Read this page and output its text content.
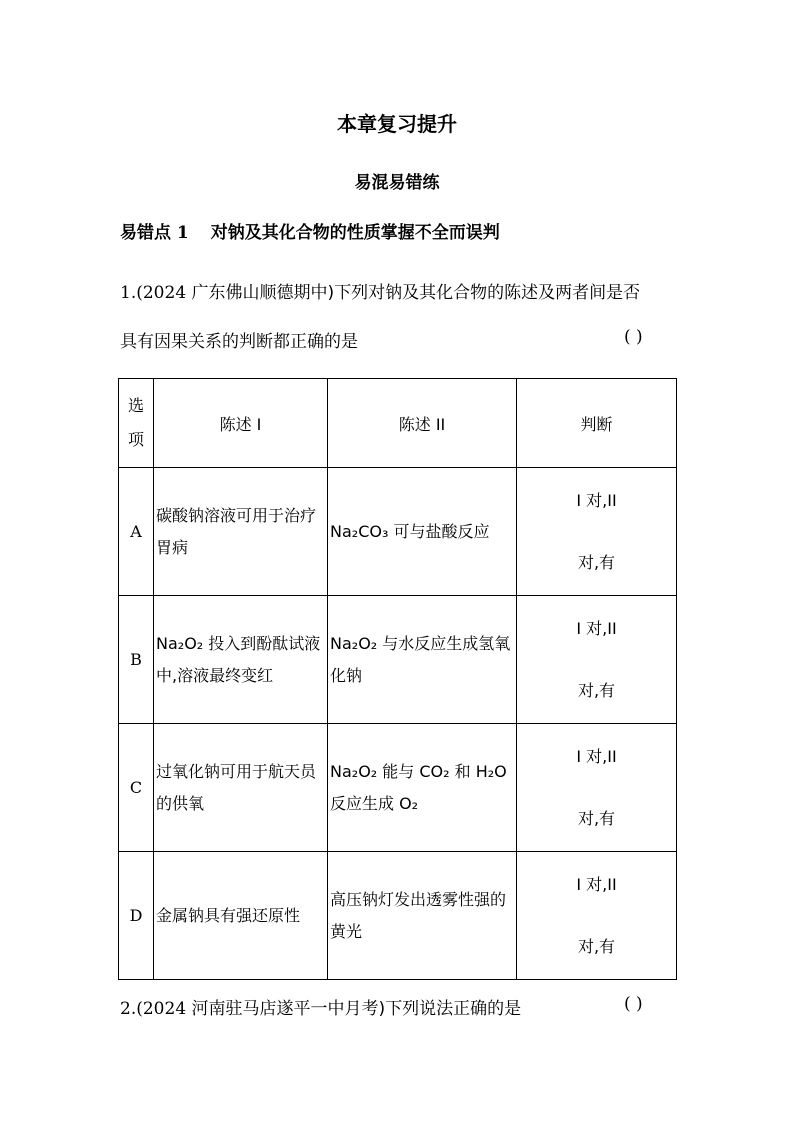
本章复习提升
易混易错练
易错点 1 对钠及其化合物的性质掌握不全而误判
1.(2024 广东佛山顺德期中)下列对钠及其化合物的陈述及两者间是否
具有因果关系的判断都正确的是	( )
选
项	陈述 I	陈述 II	判断
A	碳酸钠溶液可用于治疗胃病	Na₂CO₃ 可与盐酸反应	I 对,II
对,有

B	Na₂O₂ 投入到酚酞试液中,溶液最终变红	Na₂O₂ 与水反应生成氢氧化钠	I 对,II
对,有

C	过氧化钠可用于航天员的供氧	Na₂O₂ 能与 CO₂ 和 H₂O 反应生成 O₂	I 对,II
对,有

D	金属钠具有强还原性	高压钠灯发出透雾性强的黄光	I 对,II
对,有
2.(2024 河南驻马店遂平一中月考)下列说法正确的是	( )
